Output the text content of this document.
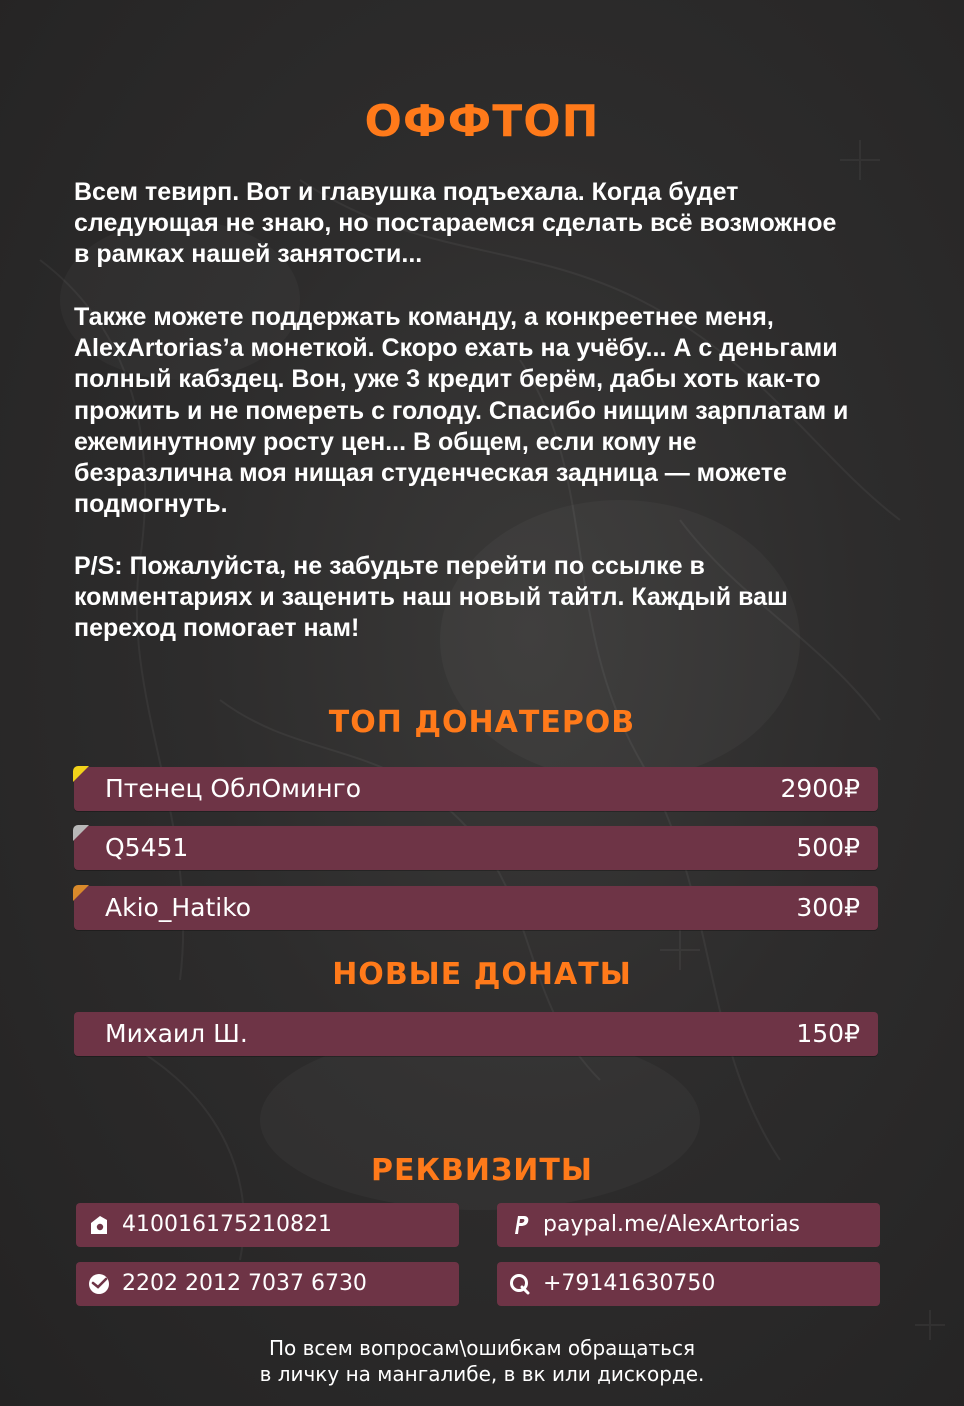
ОФФТОП
Всем тевирп. Вот и главушка подъехала. Когда будет
следующая не знаю, но постараемся сделать всё возможное
в рамках нашей занятости...
Также можете поддержать команду, а конкреетнее меня,
AlexArtorias’а монеткой. Скоро ехать на учёбу... А с деньгами
полный кабздец. Вон, уже 3 кредит берём, дабы хоть как-то
прожить и не помереть с голоду. Спасибо нищим зарплатам и
ежеминутному росту цен... В общем, если кому не
безразлична моя нищая студенческая задница — можете
подмогнуть.
P/S: Пожалуйста, не забудьте перейти по ссылке в
комментариях и заценить наш новый тайтл. Каждый ваш
переход помогает нам!
ТОП ДОНАТЕРОВ
Птенец ОблОминго	2900₽
Q5451	500₽
Akio_Hatiko	300₽
НОВЫЕ ДОНАТЫ
Михаил Ш.	150₽
РЕКВИЗИТЫ
410016175210821	paypal.me/AlexArtorias
2202 2012 7037 6730	+79141630750
По всем вопросам\ошибкам обращаться
в личку на мангалибе, в вк или дискорде.
